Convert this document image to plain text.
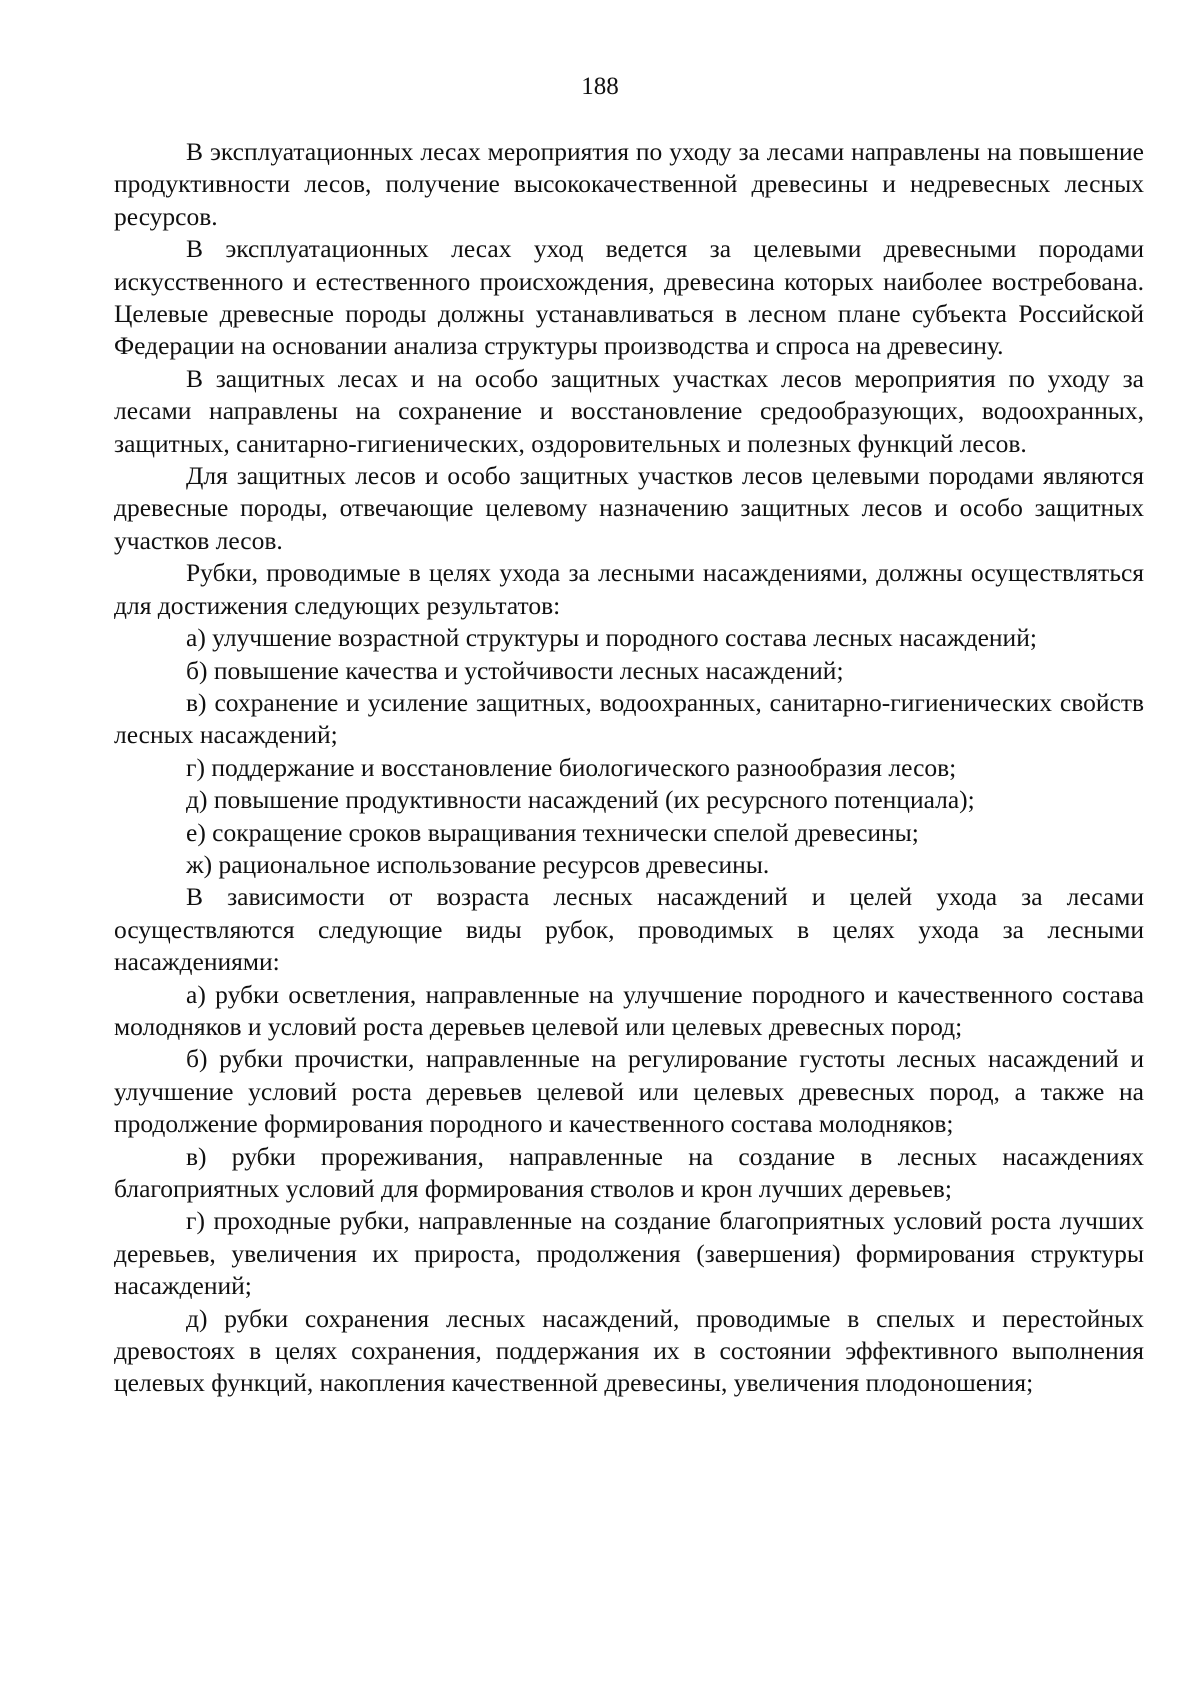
188

В эксплуатационных лесах мероприятия по уходу за лесами направлены на повышение продуктивности лесов, получение высококачественной древесины и недревесных лесных ресурсов.

В эксплуатационных лесах уход ведется за целевыми древесными породами искусственного и естественного происхождения, древесина которых наиболее востребована. Целевые древесные породы должны устанавливаться в лесном плане субъекта Российской Федерации на основании анализа структуры производства и спроса на древесину.

В защитных лесах и на особо защитных участках лесов мероприятия по уходу за лесами направлены на сохранение и восстановление средообразующих, водоохранных, защитных, санитарно-гигиенических, оздоровительных и полезных функций лесов.

Для защитных лесов и особо защитных участков лесов целевыми породами являются древесные породы, отвечающие целевому назначению защитных лесов и особо защитных участков лесов.

Рубки, проводимые в целях ухода за лесными насаждениями, должны осуществляться для достижения следующих результатов:

а) улучшение возрастной структуры и породного состава лесных насаждений;

б) повышение качества и устойчивости лесных насаждений;

в) сохранение и усиление защитных, водоохранных, санитарно-гигиенических свойств лесных насаждений;

г) поддержание и восстановление биологического разнообразия лесов;

д) повышение продуктивности насаждений (их ресурсного потенциала);

е) сокращение сроков выращивания технически спелой древесины;

ж) рациональное использование ресурсов древесины.

В зависимости от возраста лесных насаждений и целей ухода за лесами осуществляются следующие виды рубок, проводимых в целях ухода за лесными насаждениями:

а) рубки осветления, направленные на улучшение породного и качественного состава молодняков и условий роста деревьев целевой или целевых древесных пород;

б) рубки прочистки, направленные на регулирование густоты лесных насаждений и улучшение условий роста деревьев целевой или целевых древесных пород, а также на продолжение формирования породного и качественного состава молодняков;

в) рубки прореживания, направленные на создание в лесных насаждениях благоприятных условий для формирования стволов и крон лучших деревьев;

г) проходные рубки, направленные на создание благоприятных условий роста лучших деревьев, увеличения их прироста, продолжения (завершения) формирования структуры насаждений;

д) рубки сохранения лесных насаждений, проводимые в спелых и перестойных древостоях в целях сохранения, поддержания их в состоянии эффективного выполнения целевых функций, накопления качественной древесины, увеличения плодоношения;
